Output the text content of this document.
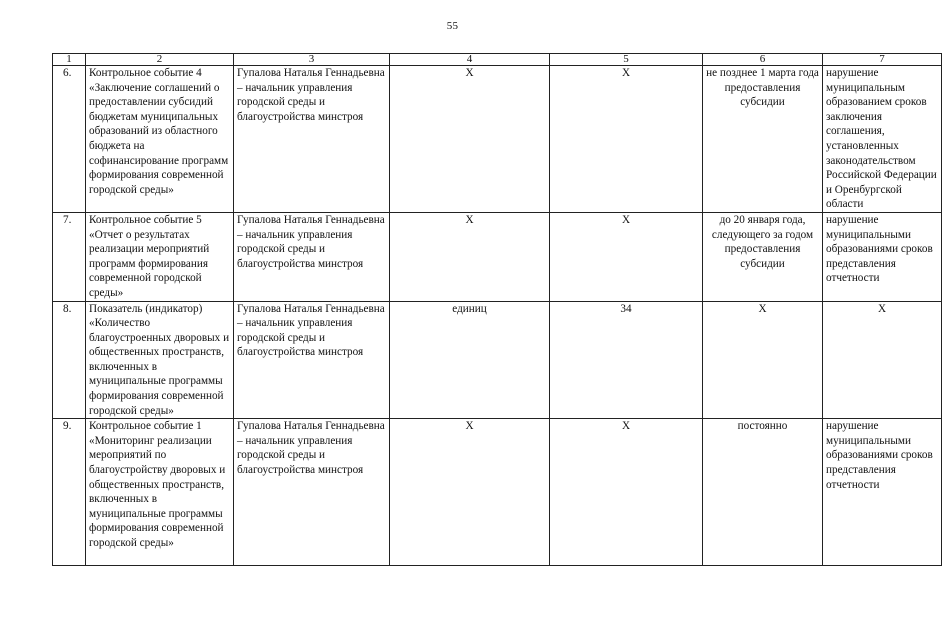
55
1	2	3	4	5	6	7
6.	Контрольное событие 4 «Заключение соглашений о предоставлении субсидий бюджетам муниципальных образований из областного бюджета на софинансирование программ формирования современной городской среды»	Гупалова Наталья Геннадьевна – начальник управления городской среды и благоустройства минстроя	X	X	не позднее 1 марта года предоставления субсидии	нарушение муниципальным образованием сроков заключения соглашения, установленных законодательством Российской Федерации и Оренбургской области
7.	Контрольное событие 5 «Отчет о результатах реализации мероприятий программ формирования современной городской среды»	Гупалова Наталья Геннадьевна – начальник управления городской среды и благоустройства минстроя	X	X	до 20 января года, следующего за годом предоставления субсидии	нарушение муниципальными образованиями сроков представления отчетности
8.	Показатель (индикатор) «Количество благоустроенных дворовых и общественных пространств, включенных в муниципальные программы формирования современной городской среды»	Гупалова Наталья Геннадьевна – начальник управления городской среды и благоустройства минстроя	единиц	34	X	X
9.	Контрольное событие 1 «Мониторинг реализации мероприятий по благоустройству дворовых и общественных пространств, включенных в муниципальные программы формирования современной городской среды»	Гупалова Наталья Геннадьевна – начальник управления городской среды и благоустройства минстроя	X	X	постоянно	нарушение муниципальными образованиями сроков представления отчетности
